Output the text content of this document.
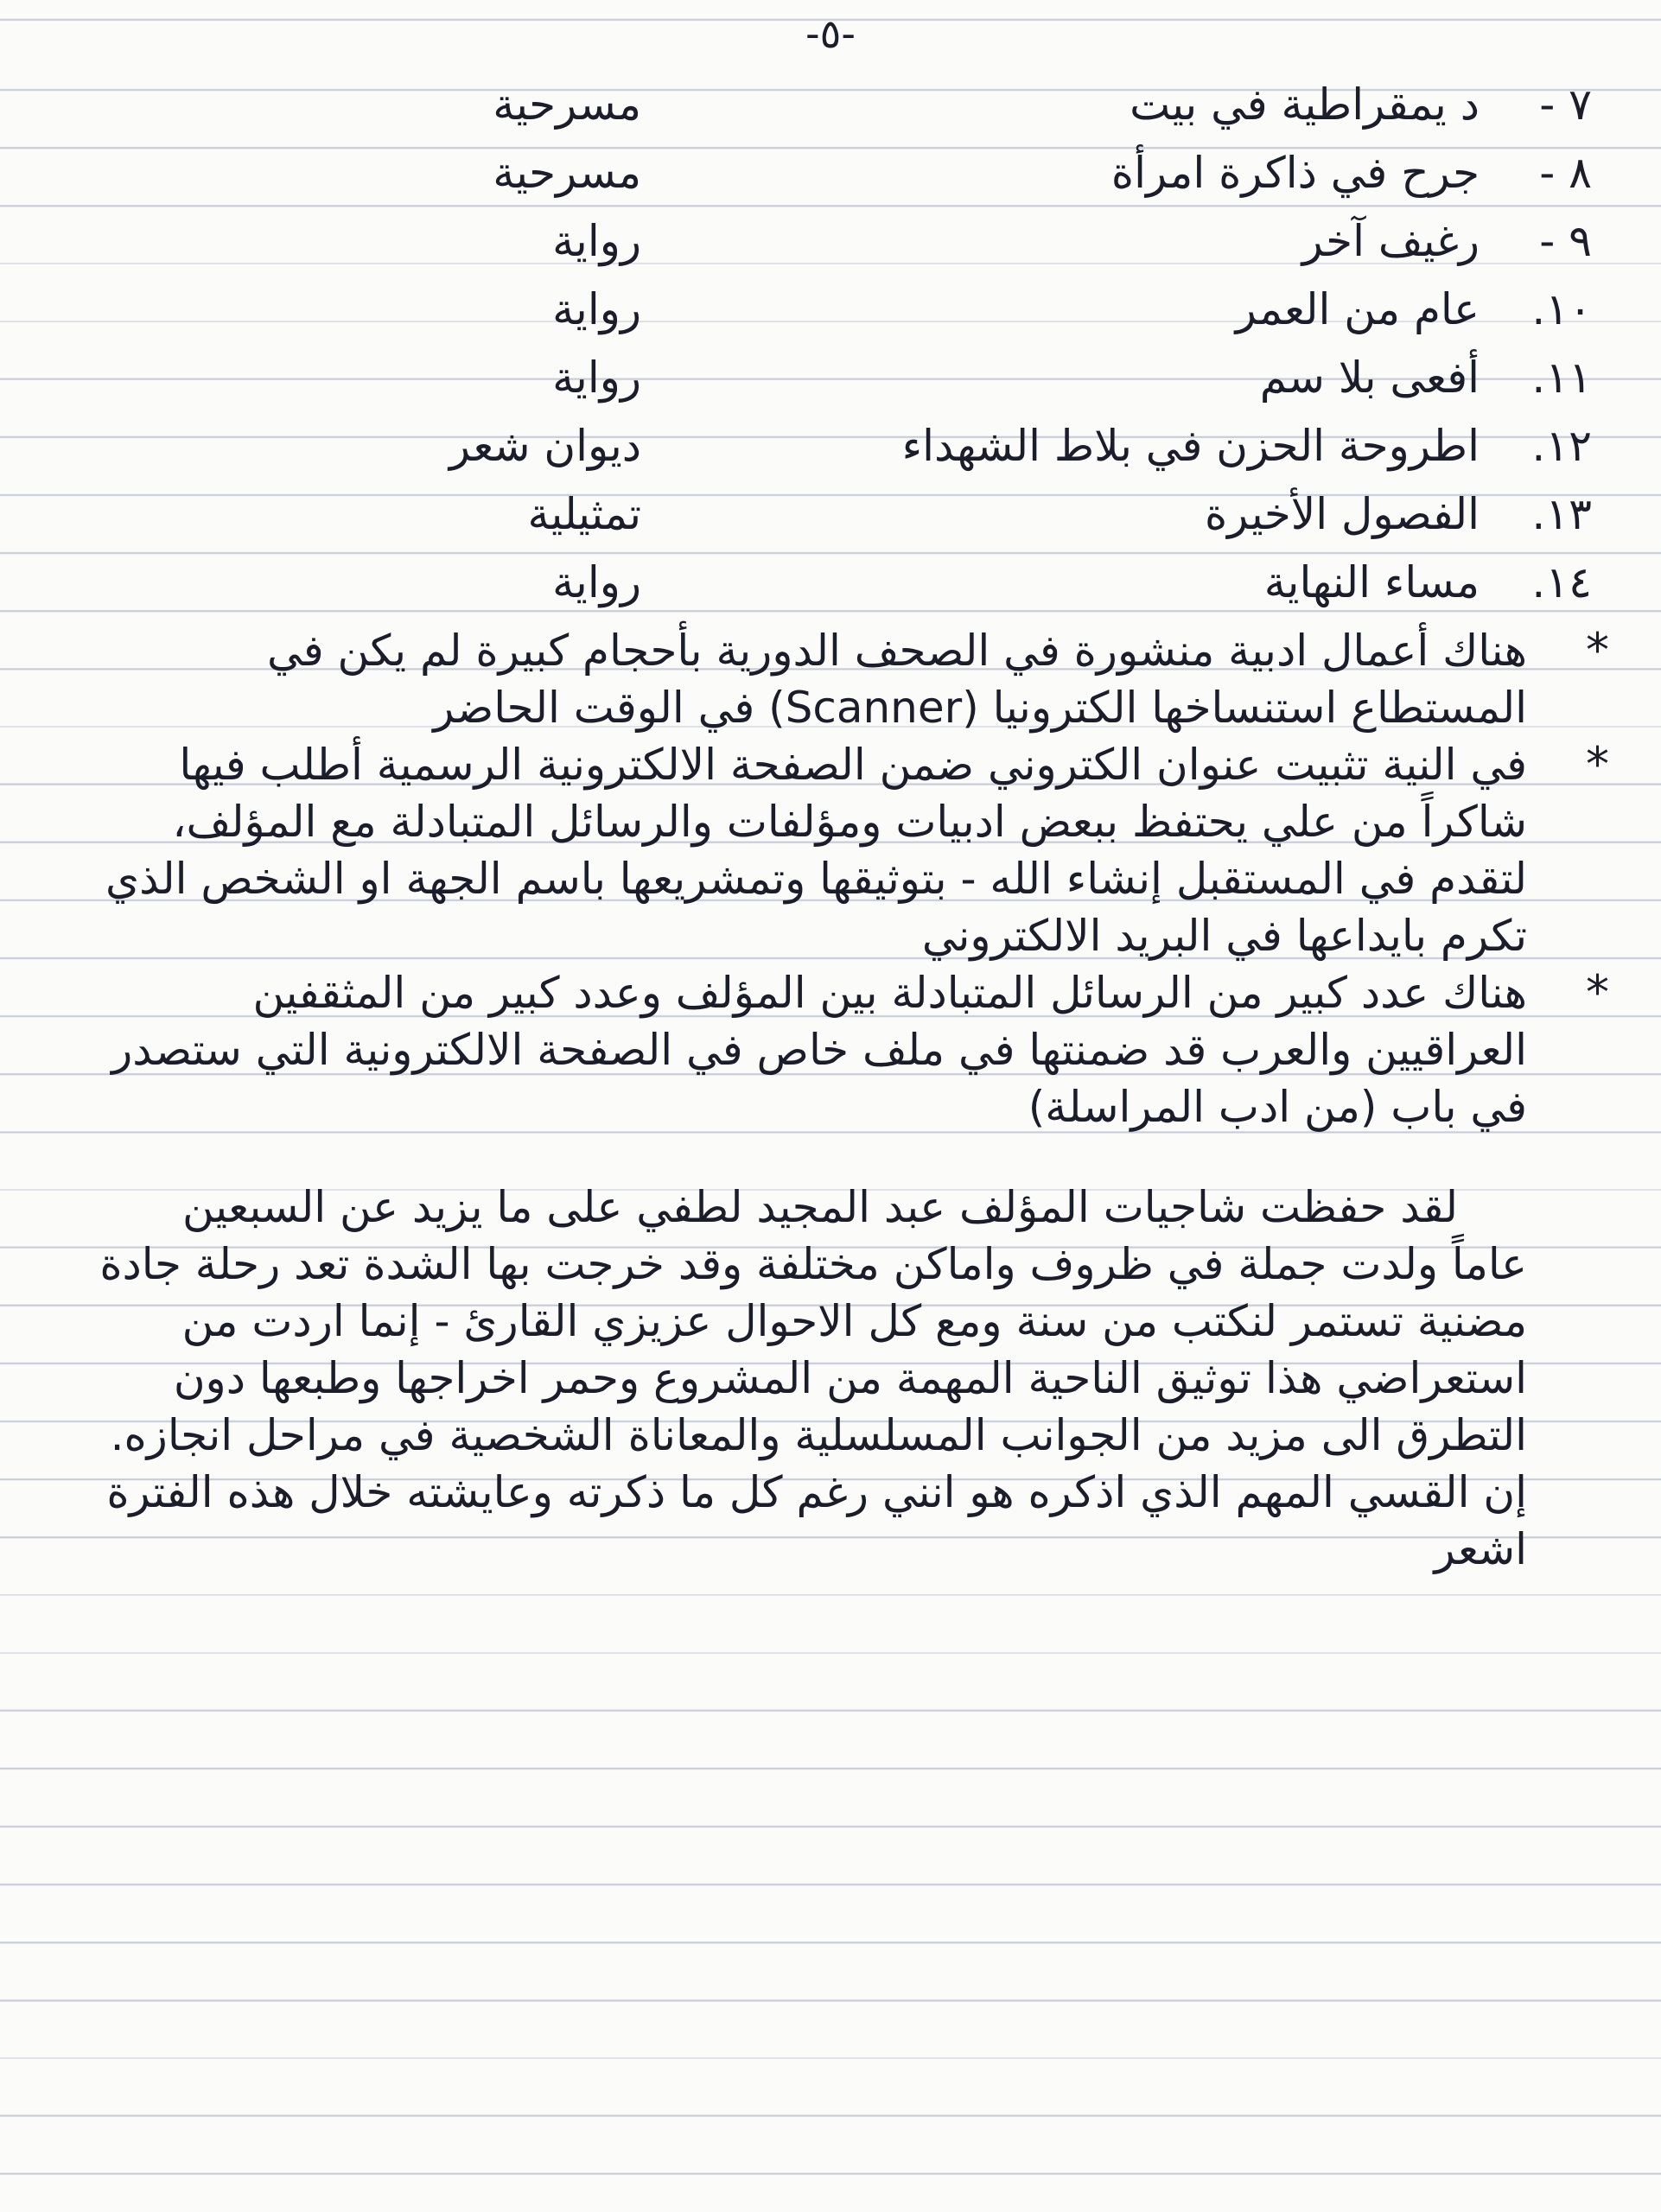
-٥-
٧ -
د يمقراطية في بيت
مسرحية
٨ -
جرح في ذاكرة امرأة
مسرحية
٩ -
رغيف آخر
رواية
١٠.
عام من العمر
رواية
١١.
أفعى بلا سم
رواية
١٢.
اطروحة الحزن في بلاط الشهداء
ديوان شعر
١٣.
الفصول الأخيرة
تمثيلية
١٤.
مساء النهاية
رواية
*

هناك أعمال ادبية منشورة في الصحف الدورية بأحجام كبيرة لم يكن في المستطاع استنساخها الكترونيا (Scanner) في الوقت الحاضر

*

في النية تثبيت عنوان الكتروني ضمن الصفحة الالكترونية الرسمية أطلب فيها شاكراً من علي يحتفظ ببعض ادبيات ومؤلفات والرسائل المتبادلة مع المؤلف، لتقدم في المستقبل إنشاء الله - بتوثيقها وتمشريعها باسم الجهة او الشخص الذي تكرم بايداعها في البريد الالكتروني

*

هناك عدد كبير من الرسائل المتبادلة بين المؤلف وعدد كبير من المثقفين العراقيين والعرب قد ضمنتها في ملف خاص في الصفحة الالكترونية التي ستصدر في باب (من ادب المراسلة)

لقد حفظت شاجيات المؤلف عبد المجيد لطفي على ما يزيد عن السبعين عاماً ولدت جملة في ظروف واماكن مختلفة وقد خرجت بها الشدة تعد رحلة جادة مضنية تستمر لنكتب من سنة ومع كل الاحوال عزيزي القارئ - إنما اردت من استعراضي هذا توثيق الناحية المهمة من المشروع وحمر اخراجها وطبعها دون التطرق الى مزيد من الجوانب المسلسلية والمعاناة الشخصية في مراحل انجازه. إن القسي المهم الذي اذكره هو انني رغم كل ما ذكرته وعايشته خلال هذه الفترة اشعر
